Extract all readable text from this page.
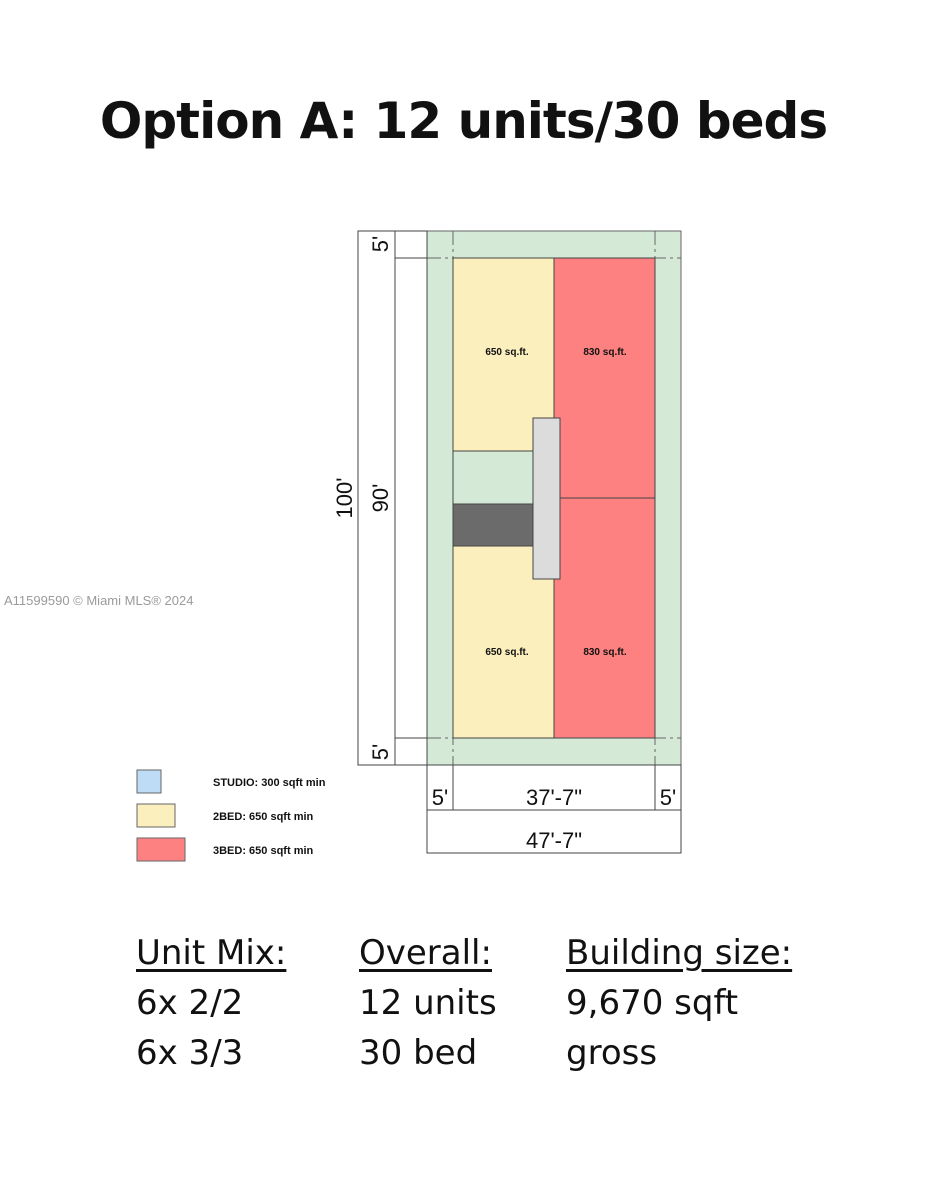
Option A: 12 units/30 beds
650 sq.ft.	830 sq.ft.
650 sq.ft.	830 sq.ft.
100' 90'
5'
5'
5'	37'-7"	5'
47'-7"
STUDIO: 300 sqft min
2BED: 650 sqft min
3BED: 650 sqft min
A11599590 © Miami MLS® 2024
Unit Mix:
6x 2/2
6x 3/3
Overall:
12 units
30 bed
Building size:
9,670 sqft
gross
